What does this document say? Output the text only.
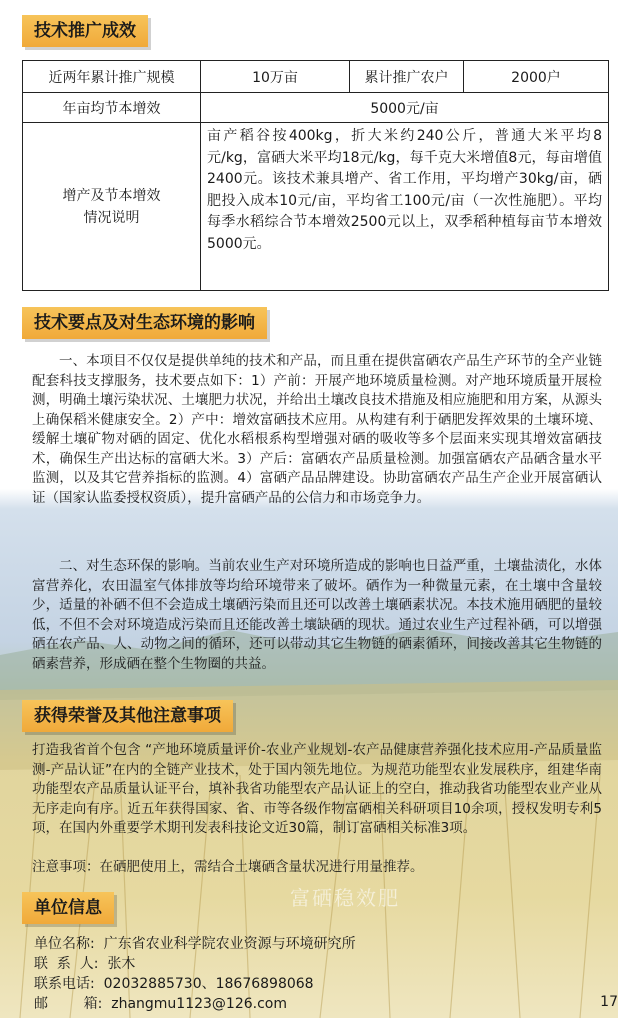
技术推广成效
近两年累计推广规模	10万亩	累计推广农户	2000户
年亩均节本增效	5000元/亩		
增产及节本增效
情况说明	亩产稻谷按400kg，折大米约240公斤，普通大米平均8元/kg，富硒大米平均18元/kg，每千克大米增值8元，每亩增值2400元。该技术兼具增产、省工作用，平均增产30kg/亩，硒肥投入成本10元/亩，平均省工100元/亩（一次性施肥）。平均每季水稻综合节本增效2500元以上，双季稻种植每亩节本增效5000元。		
技术要点及对生态环境的影响
一、本项目不仅仅是提供单纯的技术和产品，而且重在提供富硒农产品生产环节的全产业链配套科技支撑服务，技术要点如下：1）产前：开展产地环境质量检测。对产地环境质量开展检测，明确土壤污染状况、土壤肥力状况，并给出土壤改良技术措施及相应施肥和用方案，从源头上确保稻米健康安全。2）产中：增效富硒技术应用。从构建有利于硒肥发挥效果的土壤环境、缓解土壤矿物对硒的固定、优化水稻根系构型增强对硒的吸收等多个层面来实现其增效富硒技术，确保生产出达标的富硒大米。3）产后：富硒农产品质量检测。加强富硒农产品硒含量水平监测，以及其它营养指标的监测。4）富硒产品品牌建设。协助富硒农产品生产企业开展富硒认证（国家认监委授权资质），提升富硒产品的公信力和市场竞争力。
二、对生态环保的影响。当前农业生产对环境所造成的影响也日益严重，土壤盐渍化，水体富营养化，农田温室气体排放等均给环境带来了破坏。硒作为一种微量元素，在土壤中含量较少，适量的补硒不但不会造成土壤硒污染而且还可以改善土壤硒素状况。本技术施用硒肥的量较低，不但不会对环境造成污染而且还能改善土壤缺硒的现状。通过农业生产过程补硒，可以增强硒在农产品、人、动物之间的循环，还可以带动其它生物链的硒素循环，间接改善其它生物链的硒素营养，形成硒在整个生物圈的共益。
获得荣誉及其他注意事项
打造我省首个包含 “产地环境质量评价-农业产业规划-农产品健康营养强化技术应用-产品质量监测-产品认证”在内的全链产业技术，处于国内领先地位。为规范功能型农业发展秩序，组建华南功能型农产品质量认证平台，填补我省功能型农产品认证上的空白，推动我省功能型农业产业从无序走向有序。近五年获得国家、省、市等各级作物富硒相关科研项目10余项，授权发明专利5项，在国内外重要学术期刊发表科技论文近30篇，制订富硒相关标准3项。
注意事项：在硒肥使用上，需结合土壤硒含量状况进行用量推荐。
富硒稳效肥
单位信息
单位名称: 广东省农业科学院农业资源与环境研究所
联  系  人: 张木
联系电话: 02032885730、18676898068
邮        箱: zhangmu1123@126.com	17
